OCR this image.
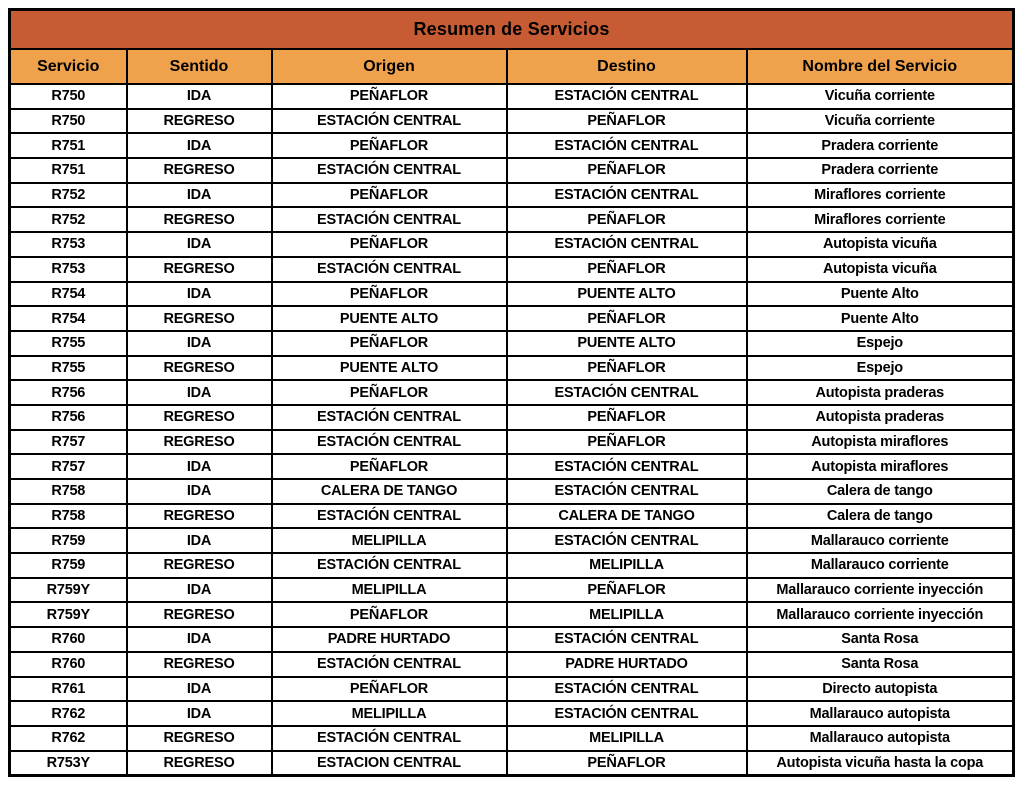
Resumen de Servicios				
Servicio	Sentido	Origen	Destino	Nombre del Servicio
R750	IDA	PEÑAFLOR	ESTACIÓN CENTRAL	Vicuña corriente
R750	REGRESO	ESTACIÓN CENTRAL	PEÑAFLOR	Vicuña corriente
R751	IDA	PEÑAFLOR	ESTACIÓN CENTRAL	Pradera corriente
R751	REGRESO	ESTACIÓN CENTRAL	PEÑAFLOR	Pradera corriente
R752	IDA	PEÑAFLOR	ESTACIÓN CENTRAL	Miraflores corriente
R752	REGRESO	ESTACIÓN CENTRAL	PEÑAFLOR	Miraflores corriente
R753	IDA	PEÑAFLOR	ESTACIÓN CENTRAL	Autopista vicuña
R753	REGRESO	ESTACIÓN CENTRAL	PEÑAFLOR	Autopista vicuña
R754	IDA	PEÑAFLOR	PUENTE ALTO	Puente Alto
R754	REGRESO	PUENTE ALTO	PEÑAFLOR	Puente Alto
R755	IDA	PEÑAFLOR	PUENTE ALTO	Espejo
R755	REGRESO	PUENTE ALTO	PEÑAFLOR	Espejo
R756	IDA	PEÑAFLOR	ESTACIÓN CENTRAL	Autopista praderas
R756	REGRESO	ESTACIÓN CENTRAL	PEÑAFLOR	Autopista praderas
R757	REGRESO	ESTACIÓN CENTRAL	PEÑAFLOR	Autopista miraflores
R757	IDA	PEÑAFLOR	ESTACIÓN CENTRAL	Autopista miraflores
R758	IDA	CALERA DE TANGO	ESTACIÓN CENTRAL	Calera de tango
R758	REGRESO	ESTACIÓN CENTRAL	CALERA DE TANGO	Calera de tango
R759	IDA	MELIPILLA	ESTACIÓN CENTRAL	Mallarauco corriente
R759	REGRESO	ESTACIÓN CENTRAL	MELIPILLA	Mallarauco corriente
R759Y	IDA	MELIPILLA	PEÑAFLOR	Mallarauco corriente inyección
R759Y	REGRESO	PEÑAFLOR	MELIPILLA	Mallarauco corriente inyección
R760	IDA	PADRE HURTADO	ESTACIÓN CENTRAL	Santa Rosa
R760	REGRESO	ESTACIÓN CENTRAL	PADRE HURTADO	Santa Rosa
R761	IDA	PEÑAFLOR	ESTACIÓN CENTRAL	Directo autopista
R762	IDA	MELIPILLA	ESTACIÓN CENTRAL	Mallarauco autopista
R762	REGRESO	ESTACIÓN CENTRAL	MELIPILLA	Mallarauco autopista
R753Y	REGRESO	ESTACION CENTRAL	PEÑAFLOR	Autopista vicuña hasta la copa
